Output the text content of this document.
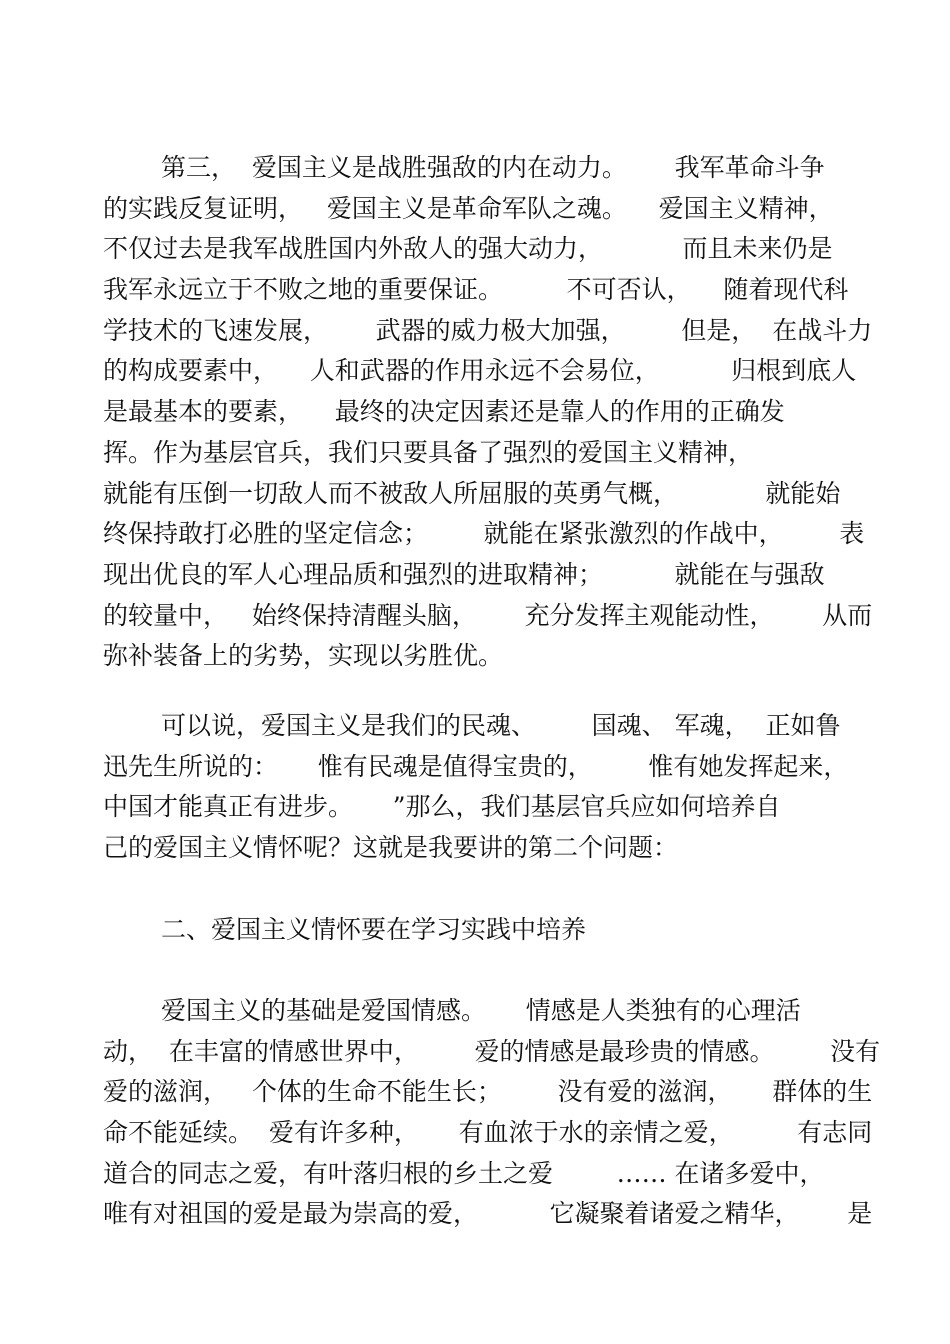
第三，  爱国主义是战胜强敌的内在动力。      我军革命斗争
的实践反复证明，   爱国主义是革命军队之魂。    爱国主义精神，
不仅过去是我军战胜国内外敌人的强大动力，          而且未来仍是
我军永远立于不败之地的重要保证。        不可否认，    随着现代科
学技术的飞速发展，      武器的威力极大加强，       但是，  在战斗力
的构成要素中，    人和武器的作用永远不会易位，         归根到底人
是最基本的要素，    最终的决定因素还是靠人的作用的正确发
挥。作为基层官兵，我们只要具备了强烈的爱国主义精神，
就能有压倒一切敌人而不被敌人所屈服的英勇气概，           就能始
终保持敢打必胜的坚定信念；       就能在紧张激烈的作战中，       表
现出优良的军人心理品质和强烈的进取精神；         就能在与强敌
的较量中，   始终保持清醒头脑，      充分发挥主观能动性，      从而
弥补装备上的劣势，实现以劣胜优。
可以说，爱国主义是我们的民魂、       国魂、 军魂，  正如鲁
迅先生所说的：     惟有民魂是值得宝贵的，       惟有她发挥起来，
中国才能真正有进步。     ”那么，我们基层官兵应如何培养自
己的爱国主义情怀呢？这就是我要讲的第二个问题：
二、爱国主义情怀要在学习实践中培养
爱国主义的基础是爱国情感。     情感是人类独有的心理活
动，  在丰富的情感世界中，       爱的情感是最珍贵的情感。       没有
爱的滋润，   个体的生命不能生长；       没有爱的滋润，     群体的生
命不能延续。  爱有许多种，     有血浓于水的亲情之爱，        有志同
道合的同志之爱，有叶落归根的乡土之爱        …… 在诸多爱中，
唯有对祖国的爱是最为崇高的爱，         它凝聚着诸爱之精华，      是
